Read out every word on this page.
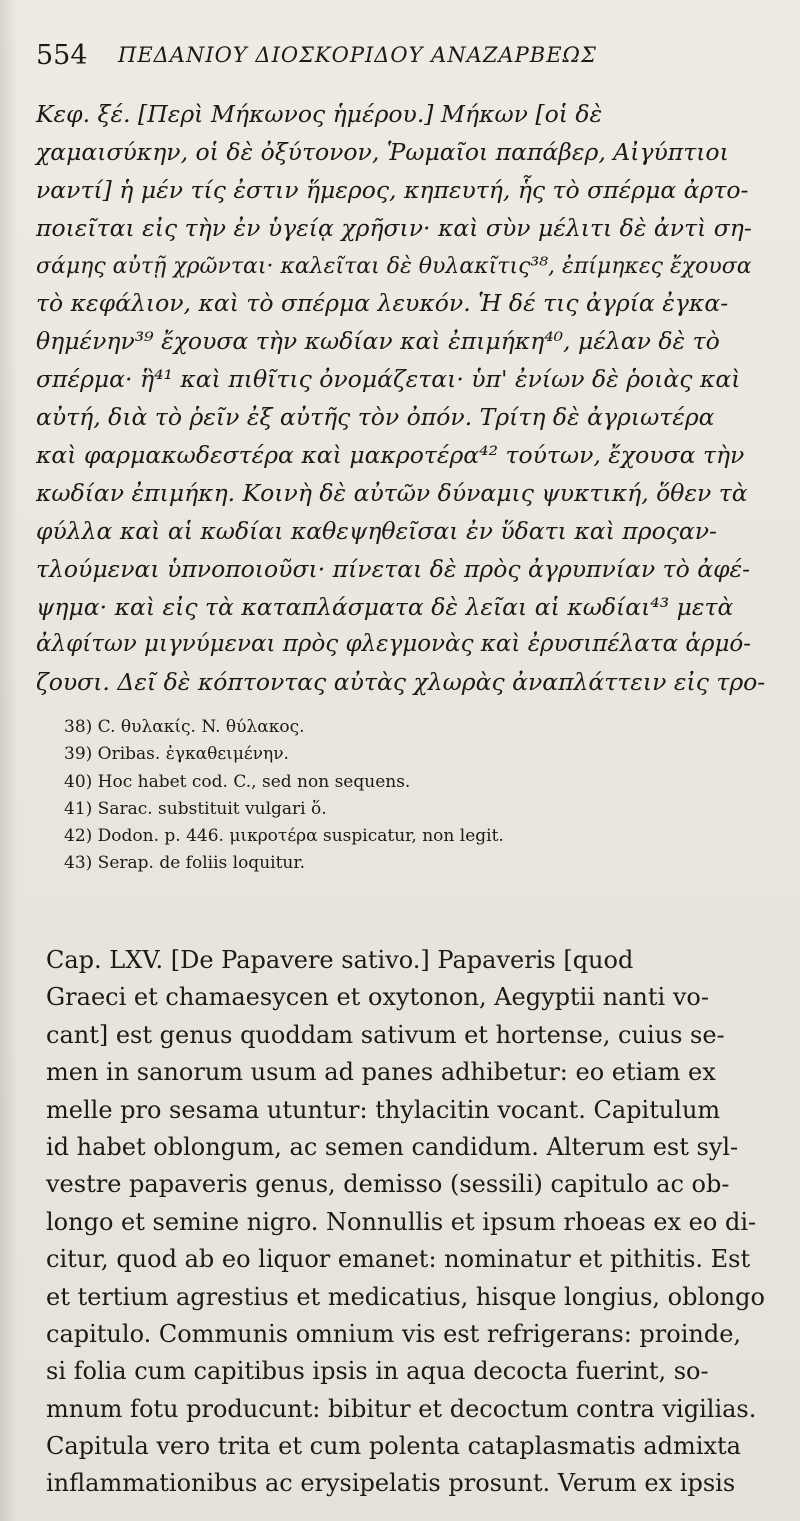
554 ΠΕΔΑΝΙΟΥ ΔΙΟΣΚΟΡΙΔΟΥ ΑΝΑΖΑΡΒΕΩΣ
Κεφ. ξέ. [Περὶ Μήκωνος ἡμέρου.] Μήκων [οἱ δὲ
χαμαισύκην, οἱ δὲ ὀξύτονον, Ῥωμαῖοι παπάβερ, Αἰγύπτιοι
ναντί] ἡ μέν τίς ἐστιν ἥμερος, κηπευτή, ἧς τὸ σπέρμα ἀρτο-
ποιεῖται εἰς τὴν ἐν ὑγείᾳ χρῆσιν· καὶ σὺν μέλιτι δὲ ἀντὶ ση-
σάμης αὐτῇ χρῶνται· καλεῖται δὲ θυλακῖτις³⁸, ἐπίμηκες ἔχουσα
τὸ κεφάλιον, καὶ τὸ σπέρμα λευκόν. Ἡ δέ τις ἀγρία ἐγκα-
θημένην³⁹ ἔχουσα τὴν κωδίαν καὶ ἐπιμήκη⁴⁰, μέλαν δὲ τὸ
σπέρμα· ἣ⁴¹ καὶ πιθῖτις ὀνομάζεται· ὑπ' ἐνίων δὲ ῥοιὰς καὶ
αὐτή, διὰ τὸ ῥεῖν ἐξ αὐτῆς τὸν ὀπόν. Τρίτη δὲ ἀγριωτέρα
καὶ φαρμακωδεστέρα καὶ μακροτέρα⁴² τούτων, ἔχουσα τὴν
κωδίαν ἐπιμήκη. Κοινὴ δὲ αὐτῶν δύναμις ψυκτική, ὅθεν τὰ
φύλλα καὶ αἱ κωδίαι καθεψηθεῖσαι ἐν ὕδατι καὶ προςαν-
τλούμεναι ὑπνοποιοῦσι· πίνεται δὲ πρὸς ἀγρυπνίαν τὸ ἀφέ-
ψημα· καὶ εἰς τὰ καταπλάσματα δὲ λεῖαι αἱ κωδίαι⁴³ μετὰ
ἀλφίτων μιγνύμεναι πρὸς φλεγμονὰς καὶ ἐρυσιπέλατα ἁρμό-
ζουσι. Δεῖ δὲ κόπτοντας αὐτὰς χλωρὰς ἀναπλάττειν εἰς τρο-
38) C. θυλακίς. N. θύλακος.
39) Oribas. ἐγκαθειμένην.
40) Hoc habet cod. C., sed non sequens.
41) Sarac. substituit vulgari ὅ.
42) Dodon. p. 446. μικροτέρα suspicatur, non legit.
43) Serap. de foliis loquitur.
Cap. LXV. [De Papavere sativo.] Papaveris [quod
Graeci et chamaesycen et oxytonon, Aegyptii nanti vo-
cant] est genus quoddam sativum et hortense, cuius se-
men in sanorum usum ad panes adhibetur: eo etiam ex
melle pro sesama utuntur: thylacitin vocant. Capitulum
id habet oblongum, ac semen candidum. Alterum est syl-
vestre papaveris genus, demisso (sessili) capitulo ac ob-
longo et semine nigro. Nonnullis et ipsum rhoeas ex eo di-
citur, quod ab eo liquor emanet: nominatur et pithitis. Est
et tertium agrestius et medicatius, hisque longius, oblongo
capitulo. Communis omnium vis est refrigerans: proinde,
si folia cum capitibus ipsis in aqua decocta fuerint, so-
mnum fotu producunt: bibitur et decoctum contra vigilias.
Capitula vero trita et cum polenta cataplasmatis admixta
inflammationibus ac erysipelatis prosunt. Verum ex ipsis
